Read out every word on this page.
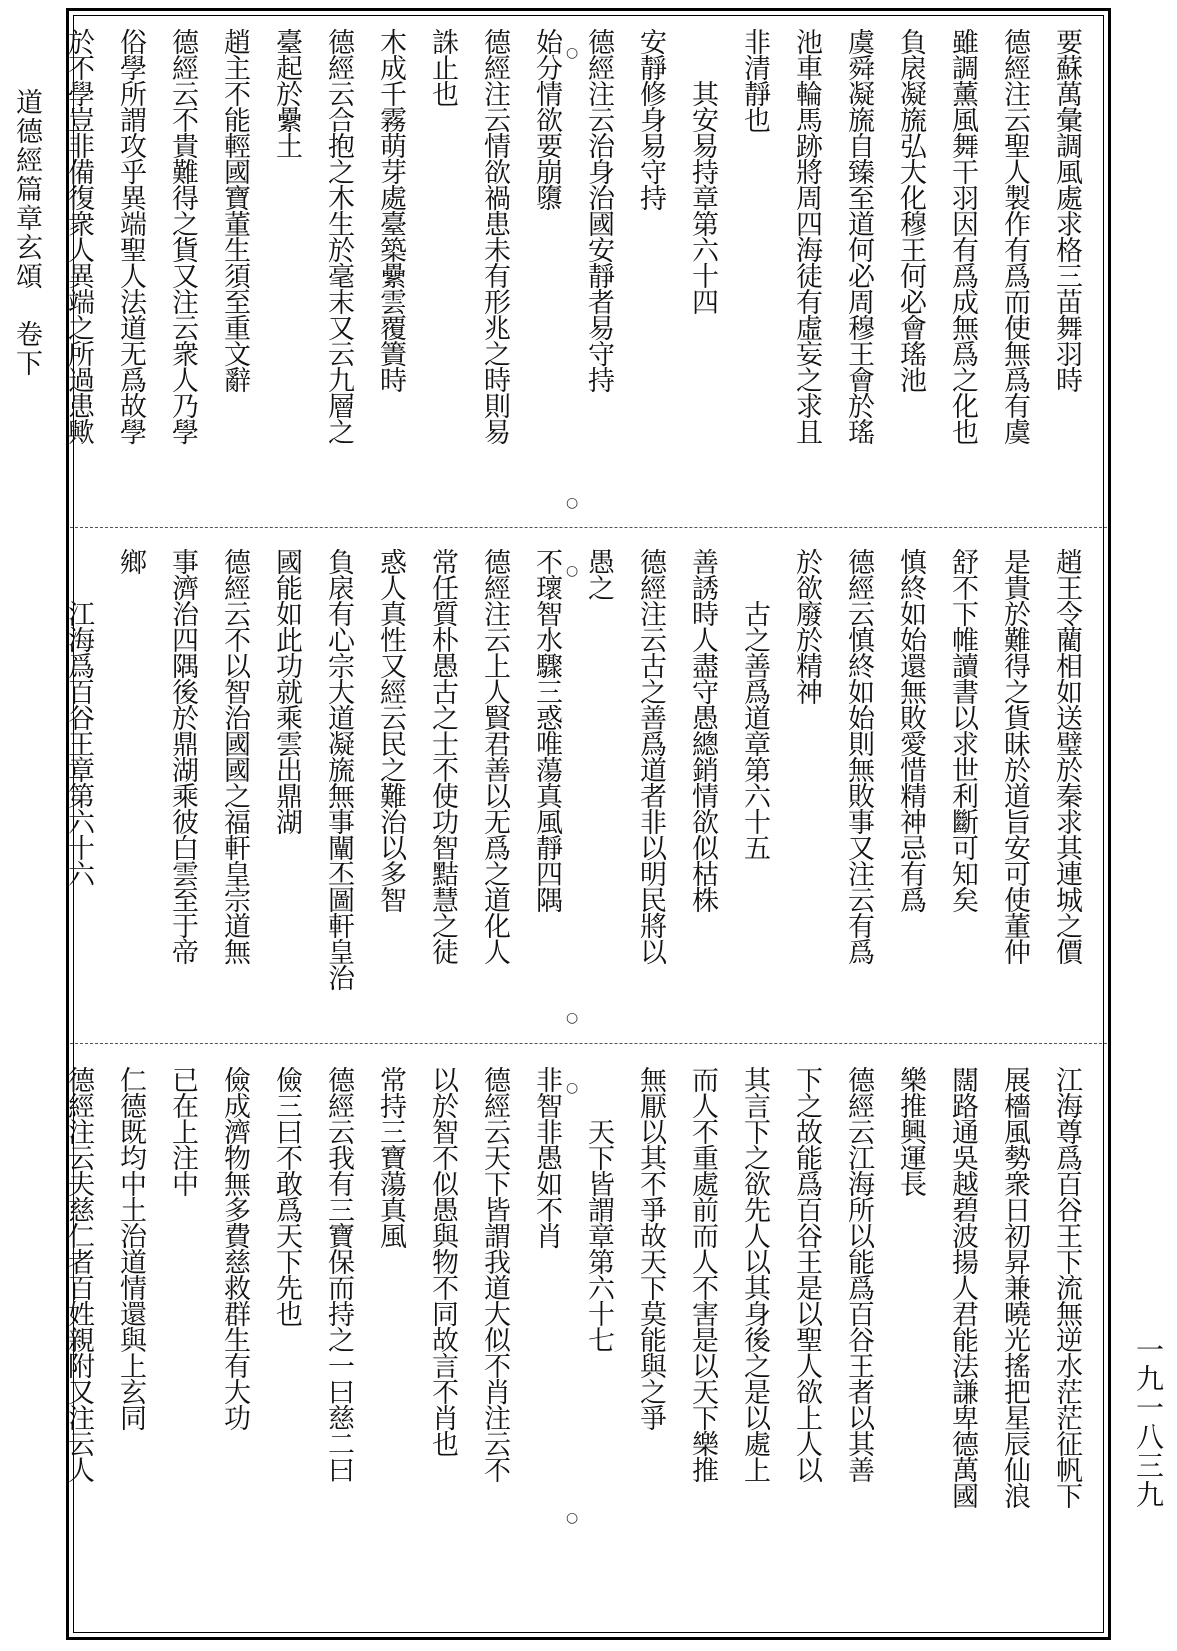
道德經篇章玄頌　卷下
一九一八三九
要蘇萬彙調風處求格三苗舞羽時
德經注云聖人製作有爲而使無爲有虞
雖調薰風舞干羽因有爲成無爲之化也
負扆凝旒弘大化穆王何必會瑤池
虞舜凝旒自臻至道何必周穆王會於瑤
池車輪馬跡將周四海徒有虛妄之求且
非清靜也
　　其安易持章第六十四
安靜修身易守持
德經注云治身治國安靜者易守持
始分情欲要崩隳
德經注云情欲禍患未有形兆之時則易
誅止也
木成千霧萌芽處臺築纍雲覆簀時
德經云合抱之木生於毫末又云九層之
臺起於纍土
趙主不能輕國寶董生須至重文辭
德經云不貴難得之貨又注云衆人乃學
俗學所謂攻乎異端聖人法道无爲故學
於不學豈非備復衆人異端之所過患歟
趙王令藺相如送璧於秦求其連城之價
是貴於難得之貨昧於道旨安可使董仲
舒不下帷讀書以求世利斷可知矣
慎終如始還無敗愛惜精神忌有爲
德經云慎終如始則無敗事又注云有爲
於欲廢於精神
　　古之善爲道章第六十五
善誘時人盡守愚總銷情欲似枯株
德經注云古之善爲道者非以明民將以
愚之
不瓌智水驟三惑唯蕩真風靜四隅
德經注云上人賢君善以无爲之道化人
常任質朴愚古之士不使功智黠慧之徒
惑人真性又經云民之難治以多智
負扆有心宗大道凝旒無事闡丕圖軒皇治
國能如此功就乘雲出鼎湖
德經云不以智治國國之福軒皇宗道無
事濟治四隅後於鼎湖乘彼白雲至于帝
鄉
　　江海爲百谷王章第六十六
江海尊爲百谷王下流無逆水茫茫征帆下
展檣風勢衆日初昇兼曉光搖把星辰仙浪
闊路通吳越碧波揚人君能法謙卑德萬國
樂推興運長
德經云江海所以能爲百谷王者以其善
下之故能爲百谷王是以聖人欲上人以
其言下之欲先人以其身後之是以處上
而人不重處前而人不害是以天下樂推
無厭以其不爭故天下莫能與之爭
　　天下皆謂章第六十七
非智非愚如不肖
德經云天下皆謂我道大似不肖注云不
以於智不似愚與物不同故言不肖也
常持三寶蕩真風
德經云我有三寶保而持之一曰慈二曰
儉三曰不敢爲天下先也
儉成濟物無多費慈救群生有大功
已在上注中
仁德既均中土治道情還與上玄同
德經注云夫慈仁者百姓親附又注云人
○
○
○
○
○
○
